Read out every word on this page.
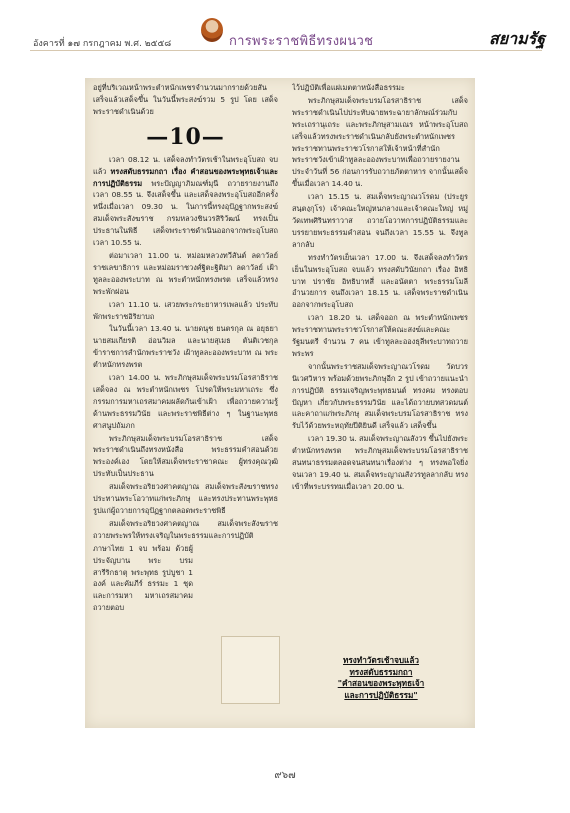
อังคารที่ ๑๗ กรกฎาคม พ.ศ. ๒๕๕๘	การพระราชพิธีทรงผนวช	สยามรัฐ

อยู่ที่บริเวณหน้าพระตำหนักเพชรจำนวนมากรายด้วยสัน เสร็จแล้วเสด็จขึ้น ในวันนี้พระสงฆ์รวม 5 รูป โดย เสด็จพระราชดำเนินด้วย

—10—

เวลา 08.12 น. เสด็จลงทำวัตรเช้าในพระอุโบสถ จบแล้ว ทรงสดับธรรมกถา เรื่อง คำสอนของพระพุทธเจ้าและการปฏิบัติธรรม พระปัญญาภิมณฑ์มุนี ถวายรายงานถึงเวลา 08.55 น. จึงเสด็จขึ้น และเสด็จลงพระอุโบสถอีกครั้งหนึ่งเมื่อเวลา 09.30 น. ในการนี้ทรงอุปัฏฐากพระสงฆ์ สมเด็จพระสังฆราช กรมหลวงชินวรสิริวัฒน์ ทรงเป็นประธานในพิธี เสด็จพระราชดำเนินออกจากพระอุโบสถเวลา 10.55 น.

ต่อมาเวลา 11.00 น. หม่อมหลวงทวีสันต์ ลดาวัลย์ ราชเลขาธิการ และหม่อมราชวงศ์ฐิตะฐิติมา ลดาวัลย์ เฝ้าทูลละอองพระบาท ณ พระตำหนักทรงพรต เสร็จแล้วทรงพระพักผ่อน

เวลา 11.10 น. เสวยพระกระยาหารเพลแล้ว ประทับพักพระราชอิริยาบถ

ในวันนี้เวลา 13.40 น. นายดนุช ยนตรกุล ณ อยุธยา นายสมเกียรติ อ่อนวิมล และนายสุเมธ ตันติเวชกุล ข้าราชการสำนักพระราชวัง เฝ้าทูลละอองพระบาท ณ พระตำหนักทรงพรต

เวลา 14.00 น. พระภิกษุสมเด็จพระบรมโอรสาธิราช เสด็จลง ณ พระตำหนักเพชร โปรดให้พระมหาเถระ ซึ่งกรรมการมหาเถรสมาคมผลัดกันเข้าเฝ้า เพื่อถวายความรู้ด้านพระธรรมวินัย และพระราชพิธีต่าง ๆ ในฐานะพุทธศาสนูปถัมภก

พระภิกษุสมเด็จพระบรมโอรสาธิราช เสด็จพระราชดำเนินถึงทรงหนังสือ พระธรรมคำสอนด้วยพระองค์เอง โดยให้สมเด็จพระราชาคณะ ผู้ทรงคุณวุฒิประทับเป็นประธาน

สมเด็จพระอริยวงศาคตญาณ สมเด็จพระสังฆราชทรงประทานพระโอวาทแก่พระภิกษุ และทรงประทานพระพุทธรูปแก่ผู้ถวายการอุปัฏฐากตลอดพระราชพิธี

สมเด็จพระอริยวงศาคตญาณ สมเด็จพระสังฆราช ถวายพระพรให้ทรงเจริญในพระธรรมและการปฏิบัติ

ภาษาไทย 1 จบ พร้อม ด้วยผู้ประจัญบาน พระ บรมสารีริกธาตุ พระพุทธ รูปบูชา 1 องค์ และคัมภีร์ ธรรมะ 1 ชุด และการมหา มหาเถรสมาคม ถวายตอบ

ไว้ปฏิบัติเพื่อแผ่เมตตาหนังสือธรรมะ

พระภิกษุสมเด็จพระบรมโอรสาธิราช เสด็จพระราชดำเนินไปประทับฉายพระฉายาลักษณ์ร่วมกับพระเถรานุเถระ และพระภิกษุสามเณร หน้าพระอุโบสถ เสร็จแล้วทรงพระราชดำเนินกลับยังพระตำหนักเพชร พระราชทานพระราชวโรกาสให้เจ้าหน้าที่สำนักพระราชวังเข้าเฝ้าทูลละอองพระบาทเพื่อถวายรายงาน ประจำวันที่ 56 ก่อนการรับถวายภัตตาหาร จากนั้นเสด็จขึ้นเมื่อเวลา 14.40 น.

เวลา 15.15 น. สมเด็จพระญาณวโรดม (ประยูร สนฺตงฺกุโร) เจ้าคณะใหญ่หนกลางและเจ้าคณะใหญ่ หมู่ วัดเทพศิรินทราวาส ถวายโอวาทการปฏิบัติธรรมและบรรยายพระธรรมคำสอน จนถึงเวลา 15.55 น. จึงทูลลากลับ

ทรงทำวัตรเย็นเวลา 17.00 น. จึงเสด็จลงทำวัตรเย็นในพระอุโบสถ จบแล้ว ทรงสดับวินัยกถา เรื่อง อิทธิบาท ปราชัย อิทธิบาทสี่ และอนัตตา พระธรรมโมลี อำนวยการ จนถึงเวลา 18.15 น. เสด็จพระราชดำเนินออกจากพระอุโบสถ

เวลา 18.20 น. เสด็จออก ณ พระตำหนักเพชร พระราชทานพระราชวโรกาสให้คณะสงฆ์และคณะรัฐมนตรี จำนวน 7 คน เข้าทูลละอองธุลีพระบาทถวายพระพร

จากนั้นพระราชสมเด็จพระญาณวโรดม วัดบวรนิเวศวิหาร พร้อมด้วยพระภิกษุอีก 2 รูป เข้าถวายแนะนำการปฏิบัติ ธรรมเจริญพระพุทธมนต์ ทรงคม ทรงตอบปัญหา เกี่ยวกับพระธรรมวินัย และได้ถวายบทสวดมนต์และคาถาแก่พระภิกษุ สมเด็จพระบรมโอรสาธิราช ทรงรับไว้ด้วยพระหฤทัยปีติยินดี เสร็จแล้ว เสด็จขึ้น

เวลา 19.30 น. สมเด็จพระญาณสังวร ขึ้นไปยังพระตำหนักทรงพรต พระภิกษุสมเด็จพระบรมโอรสาธิราช สนทนาธรรมตลอดจนสนทนาเรื่องต่าง ๆ ทรงพอใจยิ่ง จนเวลา 19.40 น. สมเด็จพระญาณสังวรทูลลากลับ ทรงเข้าที่พระบรรทมเมื่อเวลา 20.00 น.

ทรงทำวัตรเช้าจบแล้ว
ทรงสดับธรรมกถา
"คำสอนของพระพุทธเจ้า
และการปฏิบัติธรรม"
๙๖๗
